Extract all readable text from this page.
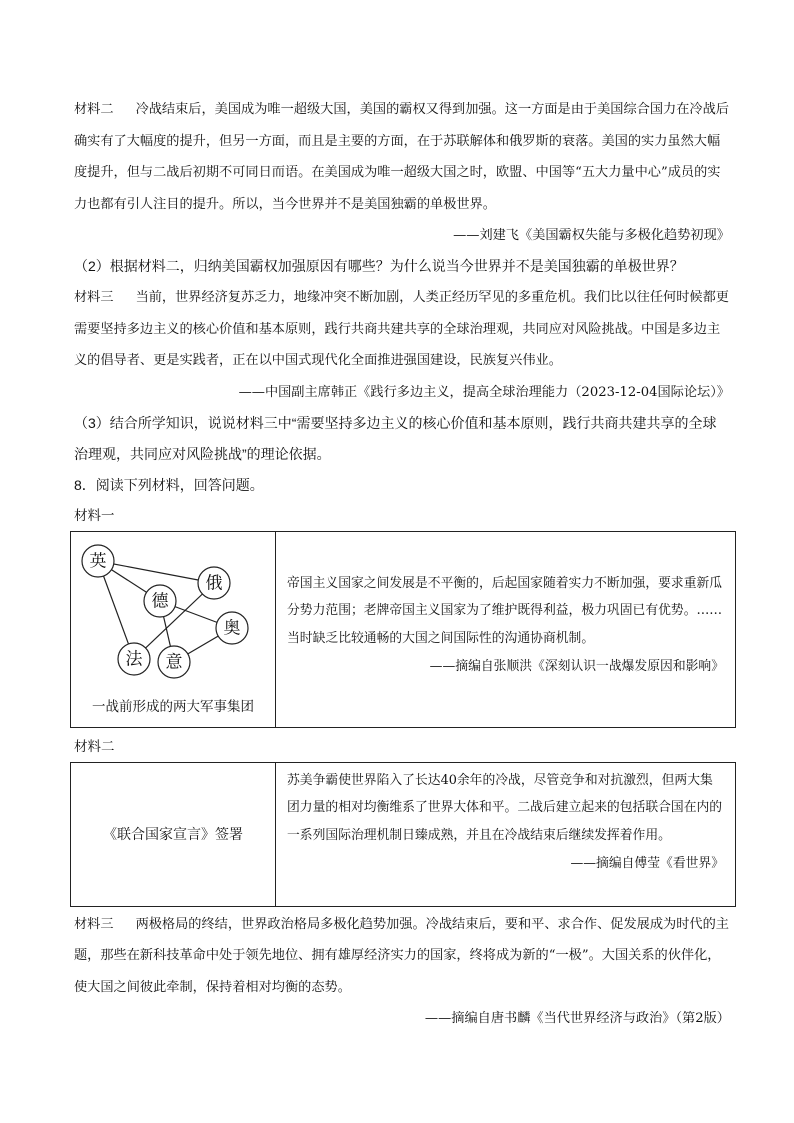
材料二 冷战结束后，美国成为唯一超级大国，美国的霸权又得到加强。这一方面是由于美国综合国力在冷战后确实有了大幅度的提升，但另一方面，而且是主要的方面，在于苏联解体和俄罗斯的衰落。美国的实力虽然大幅度提升，但与二战后初期不可同日而语。在美国成为唯一超级大国之时，欧盟、中国等“五大力量中心”成员的实力也都有引人注目的提升。所以，当今世界并不是美国独霸的单极世界。

——刘建飞《美国霸权失能与多极化趋势初现》

（2）根据材料二，归纳美国霸权加强原因有哪些？为什么说当今世界并不是美国独霸的单极世界？

材料三 当前，世界经济复苏乏力，地缘冲突不断加剧，人类正经历罕见的多重危机。我们比以往任何时候都更需要坚持多边主义的核心价值和基本原则，践行共商共建共享的全球治理观，共同应对风险挑战。中国是多边主义的倡导者、更是实践者，正在以中国式现代化全面推进强国建设，民族复兴伟业。

——中国副主席韩正《践行多边主义，提高全球治理能力（2023-12-04国际论坛）》

（3）结合所学知识，说说材料三中“需要坚持多边主义的核心价值和基本原则，践行共商共建共享的全球治理观，共同应对风险挑战”的理论依据。

8．阅读下列材料，回答问题。

材料一

英
俄
德
奥
法 意
一战前形成的两大军事集团

帝国主义国家之间发展是不平衡的，后起国家随着实力不断加强，要求重新瓜分势力范围；老牌帝国主义国家为了维护既得利益，极力巩固已有优势。……当时缺乏比较通畅的大国之间国际性的沟通协商机制。
——摘编自张顺洪《深刻认识一战爆发原因和影响》

材料二

《联合国家宣言》签署	
苏美争霸使世界陷入了长达40余年的冷战，尽管竞争和对抗激烈，但两大集团力量的相对均衡维系了世界大体和平。二战后建立起来的包括联合国在内的一系列国际治理机制日臻成熟，并且在冷战结束后继续发挥着作用。
——摘编自傅莹《看世界》

材料三 两极格局的终结，世界政治格局多极化趋势加强。冷战结束后，要和平、求合作、促发展成为时代的主题，那些在新科技革命中处于领先地位、拥有雄厚经济实力的国家，终将成为新的“一极”。大国关系的伙伴化，使大国之间彼此牵制，保持着相对均衡的态势。

——摘编自唐书麟《当代世界经济与政治》（第2版）
